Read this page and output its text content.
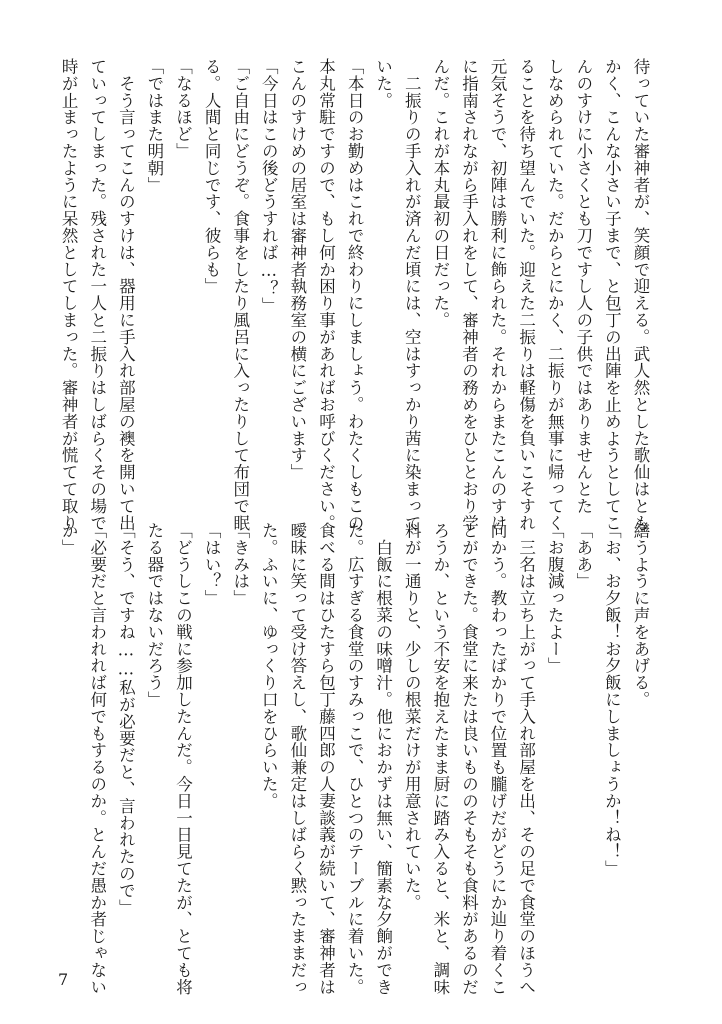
待っていた審神者が、笑顔で迎える。武人然とした歌仙はとも
かく、こんな小さい子まで、と包丁の出陣を止めようとしてこ
んのすけに小さくとも刀ですし人の子供ではありませんとた
しなめられていた。だからとにかく、二振りが無事に帰ってく
ることを待ち望んでいた。迎えた二振りは軽傷を負いこそすれ
元気そうで、初陣は勝利に飾られた。それからまたこんのすけ
に指南されながら手入れをして、審神者の務めをひととおり学
んだ。これが本丸最初の日だった。
　二振りの手入れが済んだ頃には、空はすっかり茜に染まって
いた。
「本日のお勤めはこれで終わりにしましょう。わたくしもこの
本丸常駐ですので、もし何か困り事があればお呼びください。
こんのすけめの居室は審神者執務室の横にございます」
「今日はこの後どうすれば…？」
「ご自由にどうぞ。食事をしたり風呂に入ったりして布団で眠
る。人間と同じです、彼らも」
「なるほど」
「ではまた明朝」
　そう言ってこんのすけは、器用に手入れ部屋の襖を開いて出
ていってしまった。残された一人と二振りはしばらくその場で
時が止まったように呆然としてしまった。審神者が慌てて取り
繕うように声をあげる。
「お、お夕飯！お夕飯にしましょうか！ね！」
「ああ」
「お腹減ったよー」
　三名は立ち上がって手入れ部屋を出、その足で食堂のほうへ
向かう。教わったばかりで位置も朧げだがどうにか辿り着くこ
とができた。食堂に来たは良いもののそもそも食料があるのだ
ろうか、という不安を抱えたまま厨に踏み入ると、米と、調味
料が一通りと、少しの根菜だけが用意されていた。
　白飯に根菜の味噌汁。他におかずは無い、簡素な夕餉ができ
た。広すぎる食堂のすみっこで、ひとつのテーブルに着いた。
食べる間はひたすら包丁藤四郎の人妻談義が続いて、審神者は
曖昧に笑って受け答えし、歌仙兼定はしばらく黙ったままだっ
た。ふいに、ゆっくり口をひらいた。
「きみは」
「はい？」
「どうしこの戦に参加したんだ。今日一日見てたが、とても将
たる器ではないだろう」
「そう、ですね……私が必要だと、言われたので」
「必要だと言われれば何でもするのか。とんだ愚か者じゃない
か」
7
